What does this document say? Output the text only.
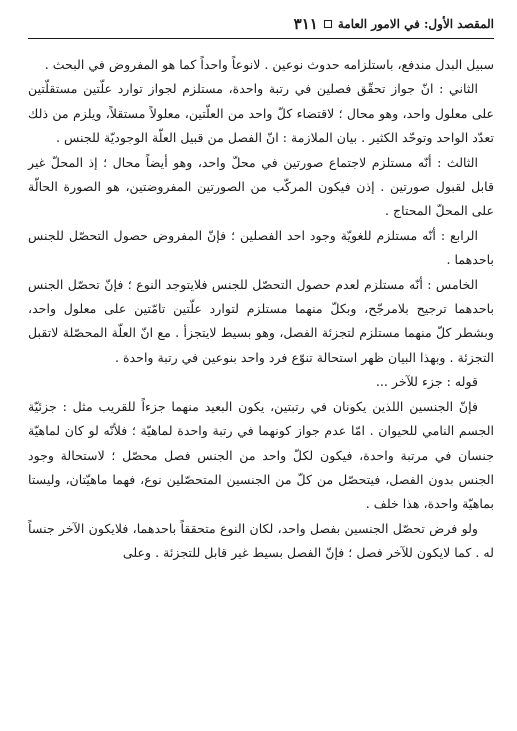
المقصد الأول: في الامور العامة
٣١١

سبيل البدل مندفع، باستلزامه حدوث نوعين . لانوعاً واحداً كما هو المفروض في البحث .

الثاني : انّ جواز تحقّق فصلين في رتبة واحدة، مستلزم لجواز توارد علّتين مستقلّتين على معلول واحد، وهو محال ؛ لاقتضاء كلّ واحد من العلّتين، معلولاً مستقلاً، ويلزم من ذلك تعدّد الواحد وتوحّد الكثير . بيان الملازمة : انّ الفصل من قبيل العلّة الوجوديّة للجنس .

الثالث : أنّه مستلزم لاجتماع صورتين في محلّ واحد، وهو أيضاً محال ؛ إذ المحلّ غير قابل لقبول صورتين . إذن فيكون المركّب من الصورتين المفروضتين، هو الصورة الحالّة على المحلّ المحتاج .

الرابع : أنّه مستلزم للغويّة وجود احد الفصلين ؛ فإنّ المفروض حصول التحصّل للجنس باحدهما .

الخامس : أنّه مستلزم لعدم حصول التحصّل للجنس فلايتوجد النوع ؛ فإنّ تحصّل الجنس باحدهما ترجيح بلامرجّح، وبكلّ منهما مستلزم لتوارد علّتين تامّتين على معلول واحد، وبشطر كلّ منهما مستلزم لتجزئة الفصل، وهو بسيط لايتجزأ . مع انّ العلّة المحصّلة لاتقبل التجزئة . وبهذا البيان ظهر استحالة تنوّع فرد واحد بنوعين في رتبة واحدة .

قوله : جزء للآخر ...

فإنّ الجنسين اللذين يكونان في رتبتين، يكون البعيد منهما جزءاً للقريب مثل : جزئيّة الجسم النامي للحيوان . امّا عدم جواز كونهما في رتبة واحدة لماهيّة ؛ فلأنّه لو كان لماهيّة جنسان في مرتبة واحدة، فيكون لكلّ واحد من الجنس فصل محصّل ؛ لاستحالة وجود الجنس بدون الفصل، فيتحصّل من كلّ من الجنسين المتحصّلين نوع، فهما ماهيّتان، وليستا بماهيّة واحدة، هذا خلف .

ولو فرض تحصّل الجنسين بفصل واحد، لكان النوع متحققاً باحدهما، فلايكون الآخر جنساً له . كما لايكون للآخر فصل ؛ فإنّ الفصل بسيط غير قابل للتجزئة . وعلى
